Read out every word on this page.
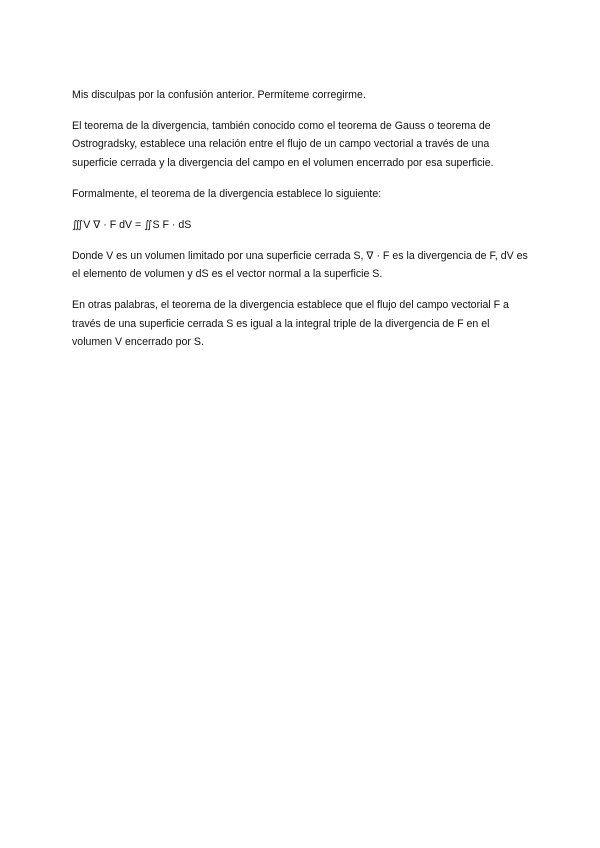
Mis disculpas por la confusión anterior. Permíteme corregirme.

El teorema de la divergencia, también conocido como el teorema de Gauss o teorema de Ostrogradsky, establece una relación entre el flujo de un campo vectorial a través de una superficie cerrada y la divergencia del campo en el volumen encerrado por esa superficie.

Formalmente, el teorema de la divergencia establece lo siguiente:

∭V ∇ · F dV = ∬S F · dS

Donde V es un volumen limitado por una superficie cerrada S, ∇ · F es la divergencia de F, dV es el elemento de volumen y dS es el vector normal a la superficie S.

En otras palabras, el teorema de la divergencia establece que el flujo del campo vectorial F a través de una superficie cerrada S es igual a la integral triple de la divergencia de F en el volumen V encerrado por S.
